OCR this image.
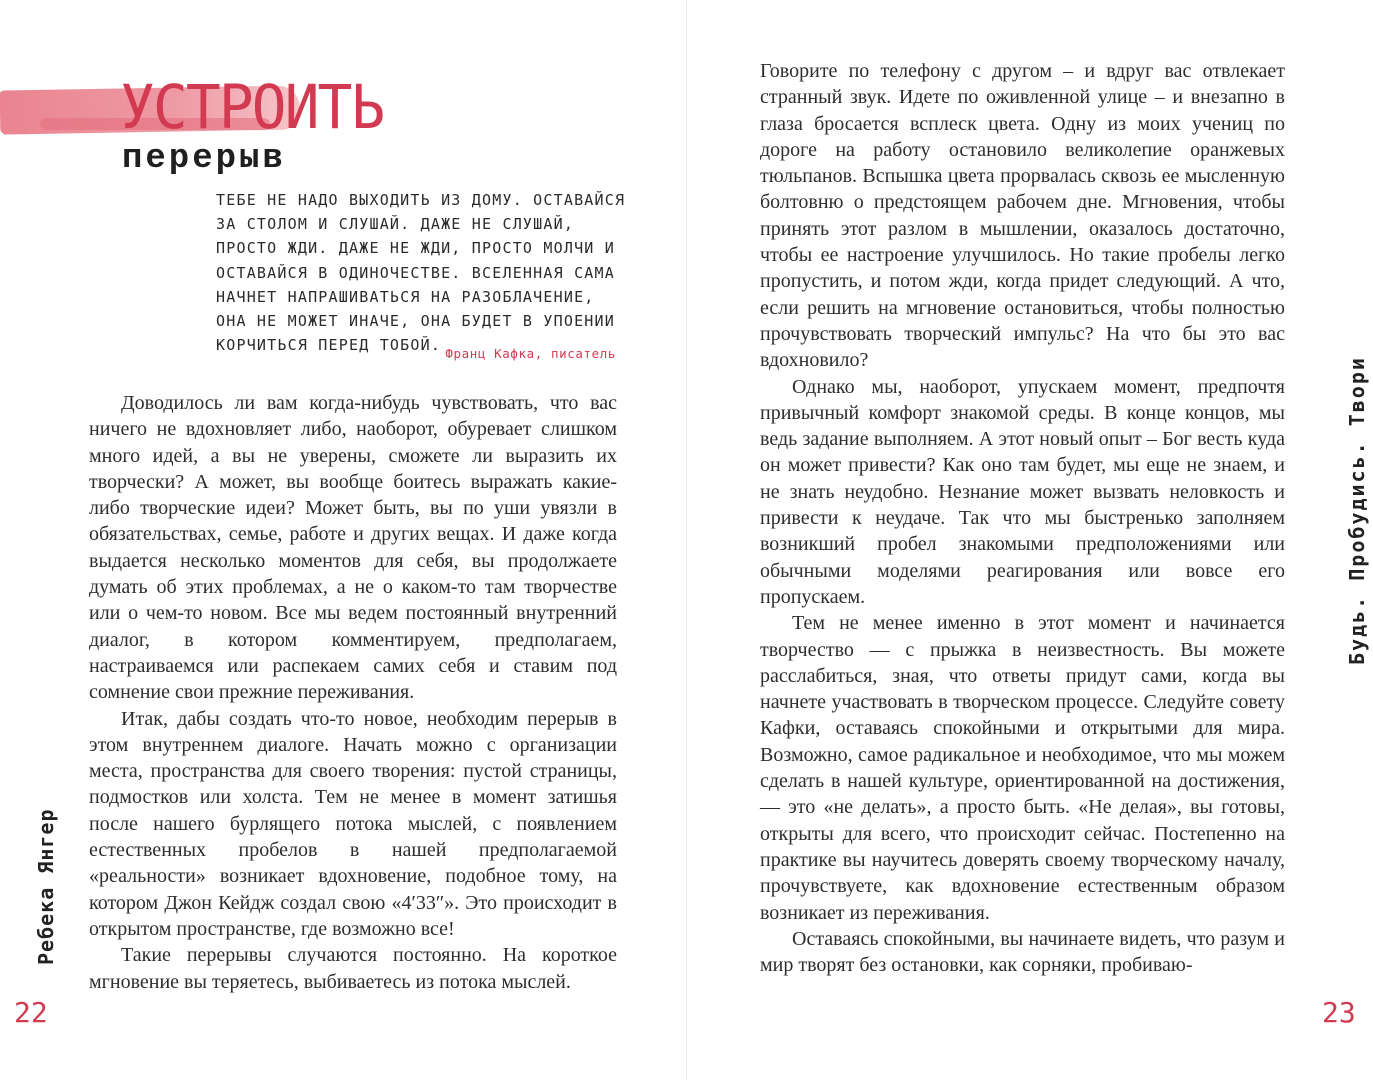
УСТРОИТЬ
перерыв
ТЕБЕ НЕ НАДО ВЫХОДИТЬ ИЗ ДОМУ. ОСТАВАЙСЯ ЗА СТОЛОМ И СЛУШАЙ. ДАЖЕ НЕ СЛУШАЙ, ПРОСТО ЖДИ. ДАЖЕ НЕ ЖДИ, ПРОСТО МОЛЧИ И ОСТАВАЙСЯ В ОДИНОЧЕСТВЕ. ВСЕЛЕННАЯ САМА НАЧНЕТ НАПРАШИВАТЬСЯ НА РАЗОБЛАЧЕНИЕ, ОНА НЕ МОЖЕТ ИНАЧЕ, ОНА БУДЕТ В УПОЕНИИ КОРЧИТЬСЯ ПЕРЕД ТОБОЙ. Франц Кафка, писатель

Доводилось ли вам когда-нибудь чувствовать, что вас ничего не вдохновляет либо, наоборот, обуревает слишком много идей, а вы не уверены, сможете ли выразить их творчески? А может, вы вообще боитесь выражать какие-либо творческие идеи? Может быть, вы по уши увязли в обязательствах, семье, работе и других вещах. И даже когда выдается несколько моментов для себя, вы продолжаете думать об этих проблемах, а не о каком-то там творчестве или о чем-то новом. Все мы ведем постоянный внутренний диалог, в котором комментируем, предполагаем, настраиваемся или распекаем самих себя и ставим под сомнение свои прежние переживания.

Итак, дабы создать что-то новое, необходим перерыв в этом внутреннем диалоге. Начать можно с организации места, пространства для своего творения: пустой страницы, подмостков или холста. Тем не менее в момент затишья после нашего бурлящего потока мыслей, с появлением естественных пробелов в нашей предполагаемой «реальности» возникает вдохновение, подобное тому, на котором Джон Кейдж создал свою «4′33″». Это происходит в открытом пространстве, где возможно все!

Такие перерывы случаются постоянно. На короткое мгновение вы теряетесь, выбиваетесь из потока мыслей.

Ребека Янгер
22

Говорите по телефону с другом – и вдруг вас отвлекает странный звук. Идете по оживленной улице – и внезапно в глаза бросается всплеск цвета. Одну из моих учениц по дороге на работу остановило великолепие оранжевых тюльпанов. Вспышка цвета прорвалась сквозь ее мысленную болтовню о предстоящем рабочем дне. Мгновения, чтобы принять этот разлом в мышлении, оказалось достаточно, чтобы ее настроение улучшилось. Но такие пробелы легко пропустить, и потом жди, когда придет следующий. А что, если решить на мгновение остановиться, чтобы полностью прочувствовать творческий импульс? На что бы это вас вдохновило?

Однако мы, наоборот, упускаем момент, предпочтя привычный комфорт знакомой среды. В конце концов, мы ведь задание выполняем. А этот новый опыт – Бог весть куда он может привести? Как оно там будет, мы еще не знаем, и не знать неудобно. Незнание может вызвать неловкость и привести к неудаче. Так что мы быстренько заполняем возникший пробел знакомыми предположениями или обычными моделями реагирования или вовсе его пропускаем.

Тем не менее именно в этот момент и начинается творчество — с прыжка в неизвестность. Вы можете расслабиться, зная, что ответы придут сами, когда вы начнете участвовать в творческом процессе. Следуйте совету Кафки, оставаясь спокойными и открытыми для мира. Возможно, самое радикальное и необходимое, что мы можем сделать в нашей культуре, ориентированной на достижения, — это «не делать», а просто быть. «Не делая», вы готовы, открыты для всего, что происходит сейчас. Постепенно на практике вы научитесь доверять своему творческому началу, прочувствуете, как вдохновение естественным образом возникает из переживания.

Оставаясь спокойными, вы начинаете видеть, что разум и мир творят без остановки, как сорняки, пробиваю-

Будь. Пробудись. Твори
23
